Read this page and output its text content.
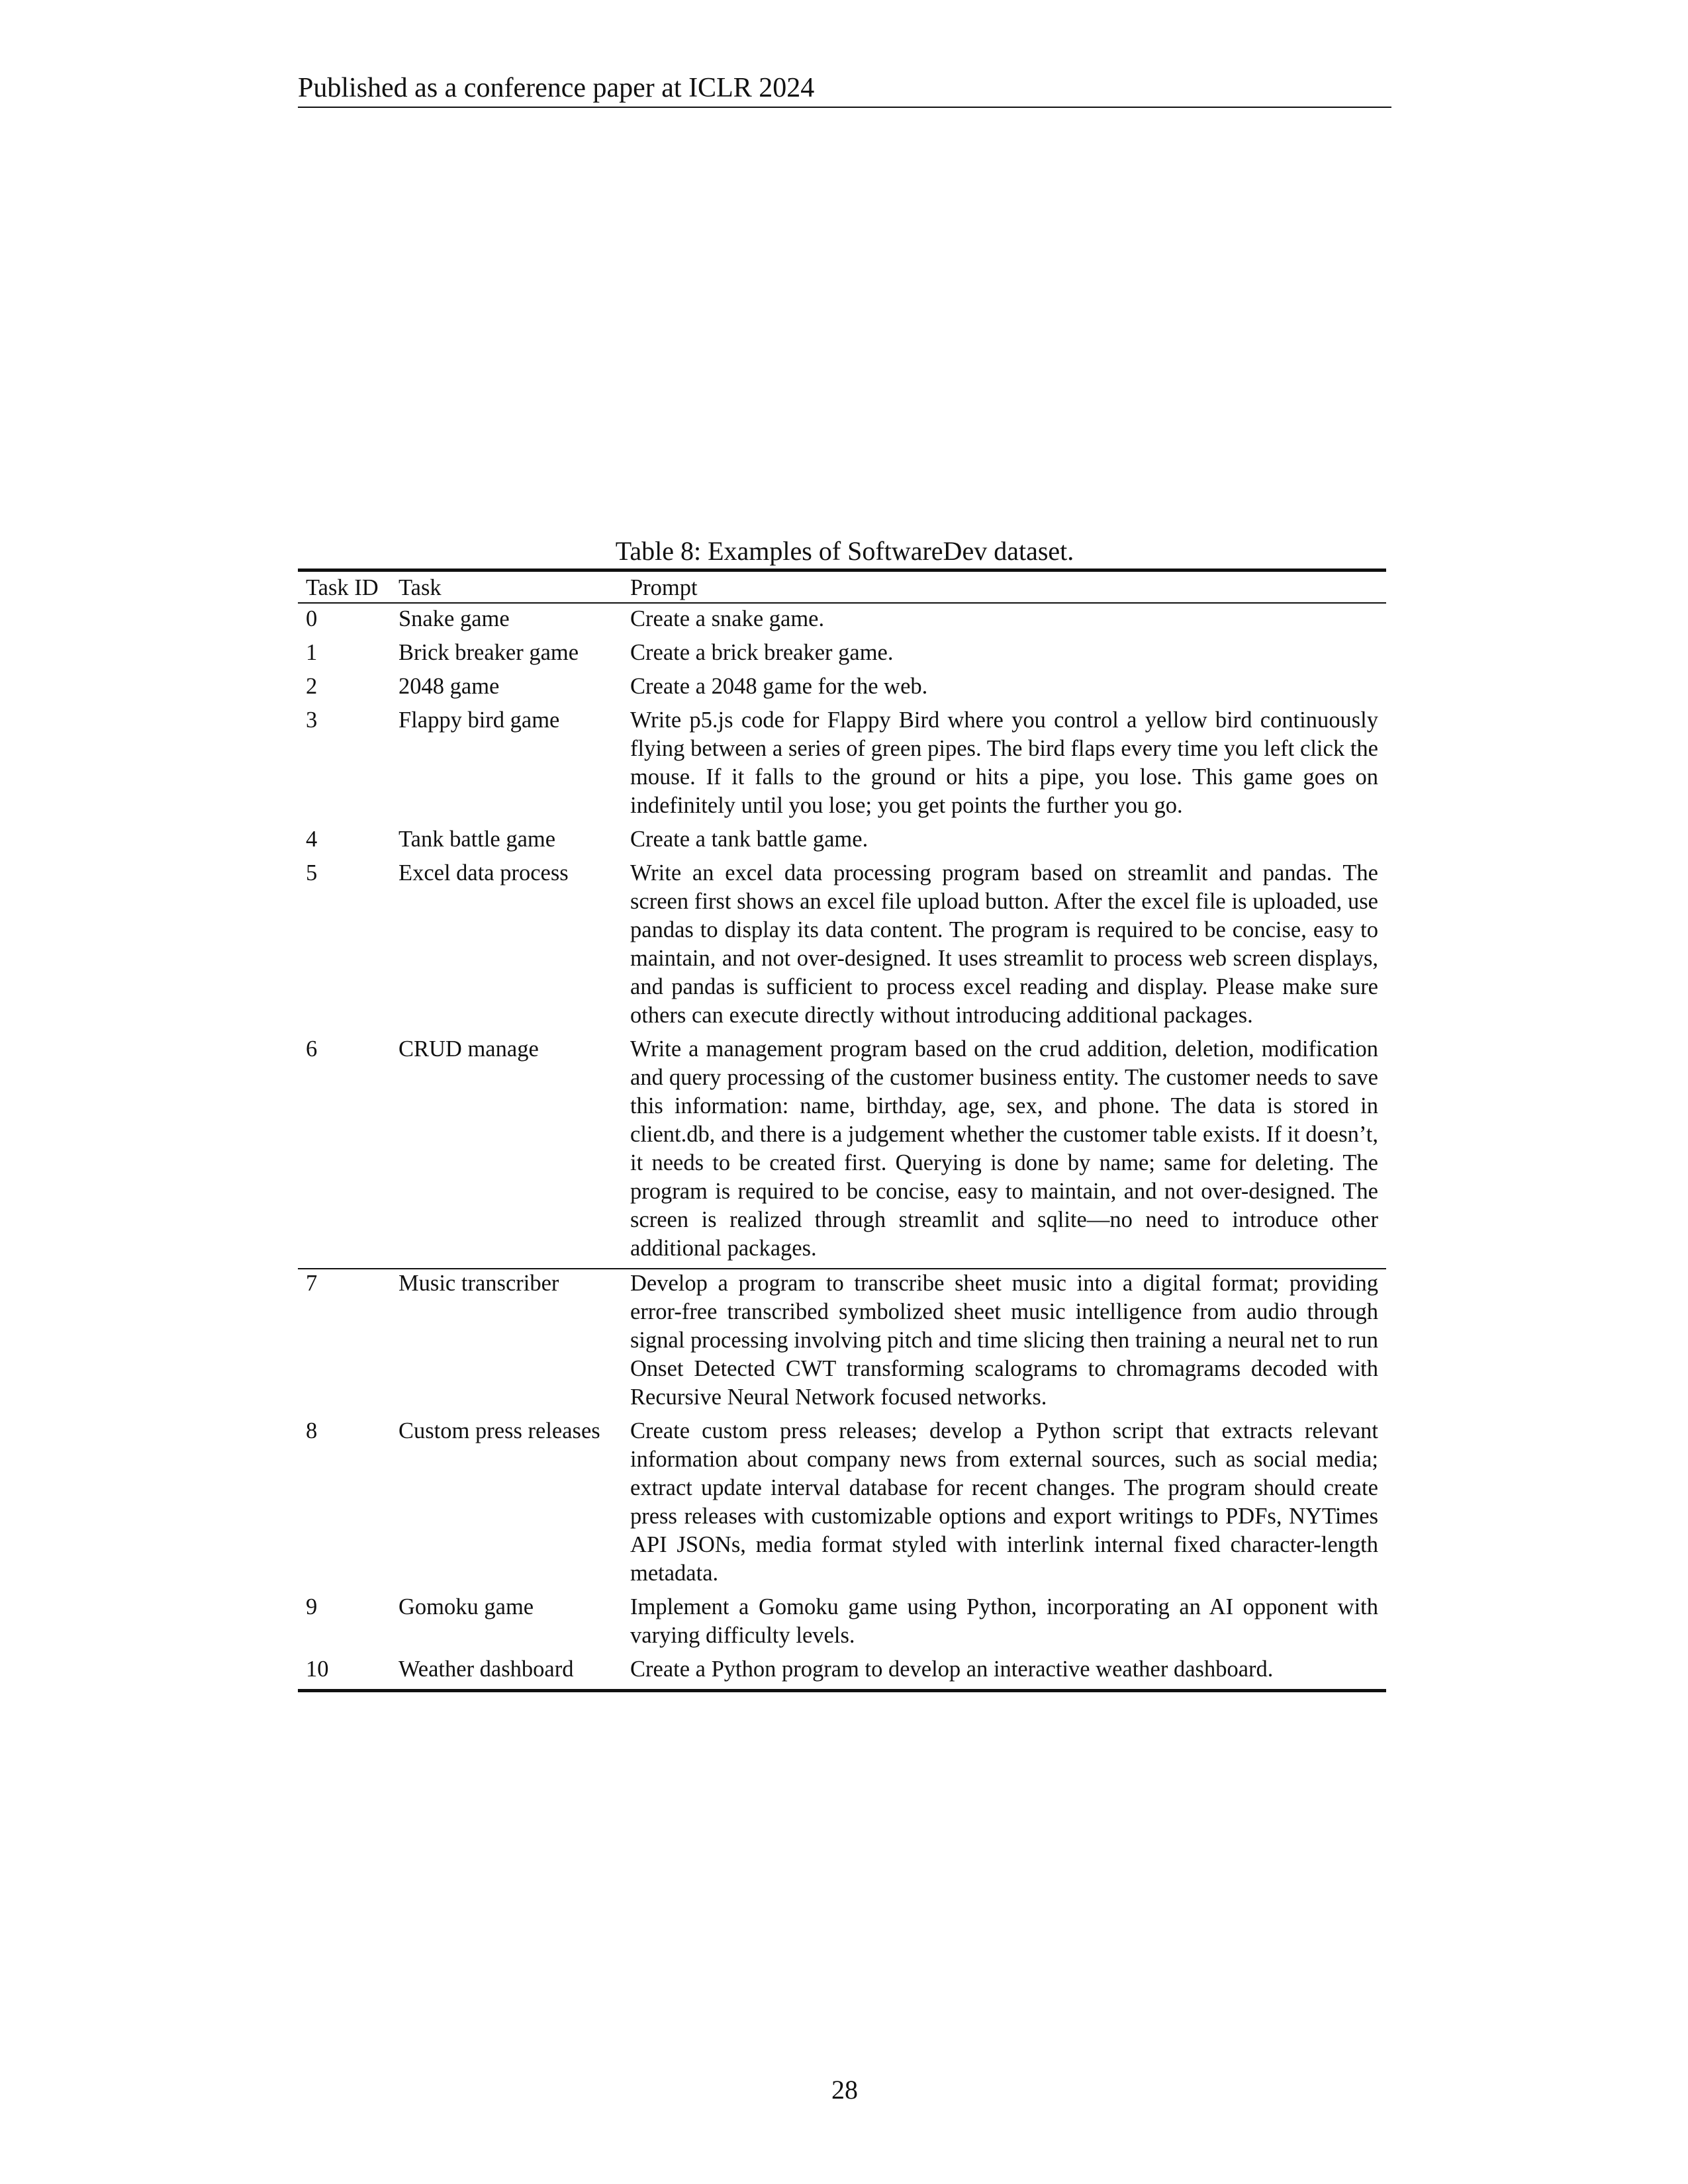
Published as a conference paper at ICLR 2024
Table 8: Examples of SoftwareDev dataset.
Task ID	Task	Prompt
0	Snake game	Create a snake game.
1	Brick breaker game	Create a brick breaker game.
2	2048 game	Create a 2048 game for the web.
3	Flappy bird game	Write p5.js code for Flappy Bird where you control a yellow bird continuously flying between a series of green pipes. The bird flaps every time you left click the mouse. If it falls to the ground or hits a pipe, you lose. This game goes on indefinitely until you lose; you get points the further you go.
4	Tank battle game	Create a tank battle game.
5	Excel data process	Write an excel data processing program based on streamlit and pandas. The screen first shows an excel file upload button. After the excel file is uploaded, use pandas to display its data content. The program is required to be concise, easy to maintain, and not over-designed. It uses streamlit to process web screen displays, and pandas is sufficient to process excel reading and display. Please make sure others can execute directly without introducing additional packages.
6	CRUD manage	Write a management program based on the crud addition, deletion, modification and query processing of the customer business entity. The customer needs to save this information: name, birthday, age, sex, and phone. The data is stored in client.db, and there is a judgement whether the customer table exists. If it doesn’t, it needs to be created first. Querying is done by name; same for deleting. The program is required to be concise, easy to maintain, and not over-designed. The screen is realized through streamlit and sqlite—no need to introduce other additional packages.
7	Music transcriber	Develop a program to transcribe sheet music into a digital format; providing error-free transcribed symbolized sheet music intelligence from audio through signal processing involving pitch and time slicing then training a neural net to run Onset Detected CWT transforming scalograms to chromagrams decoded with Recursive Neural Network focused networks.
8	Custom press releases	Create custom press releases; develop a Python script that extracts relevant information about company news from external sources, such as social media; extract update interval database for recent changes. The program should create press releases with customizable options and export writings to PDFs, NYTimes API JSONs, media format styled with interlink internal fixed character-length metadata.
9	Gomoku game	Implement a Gomoku game using Python, incorporating an AI opponent with varying difficulty levels.
10	Weather dashboard	Create a Python program to develop an interactive weather dashboard.
28
